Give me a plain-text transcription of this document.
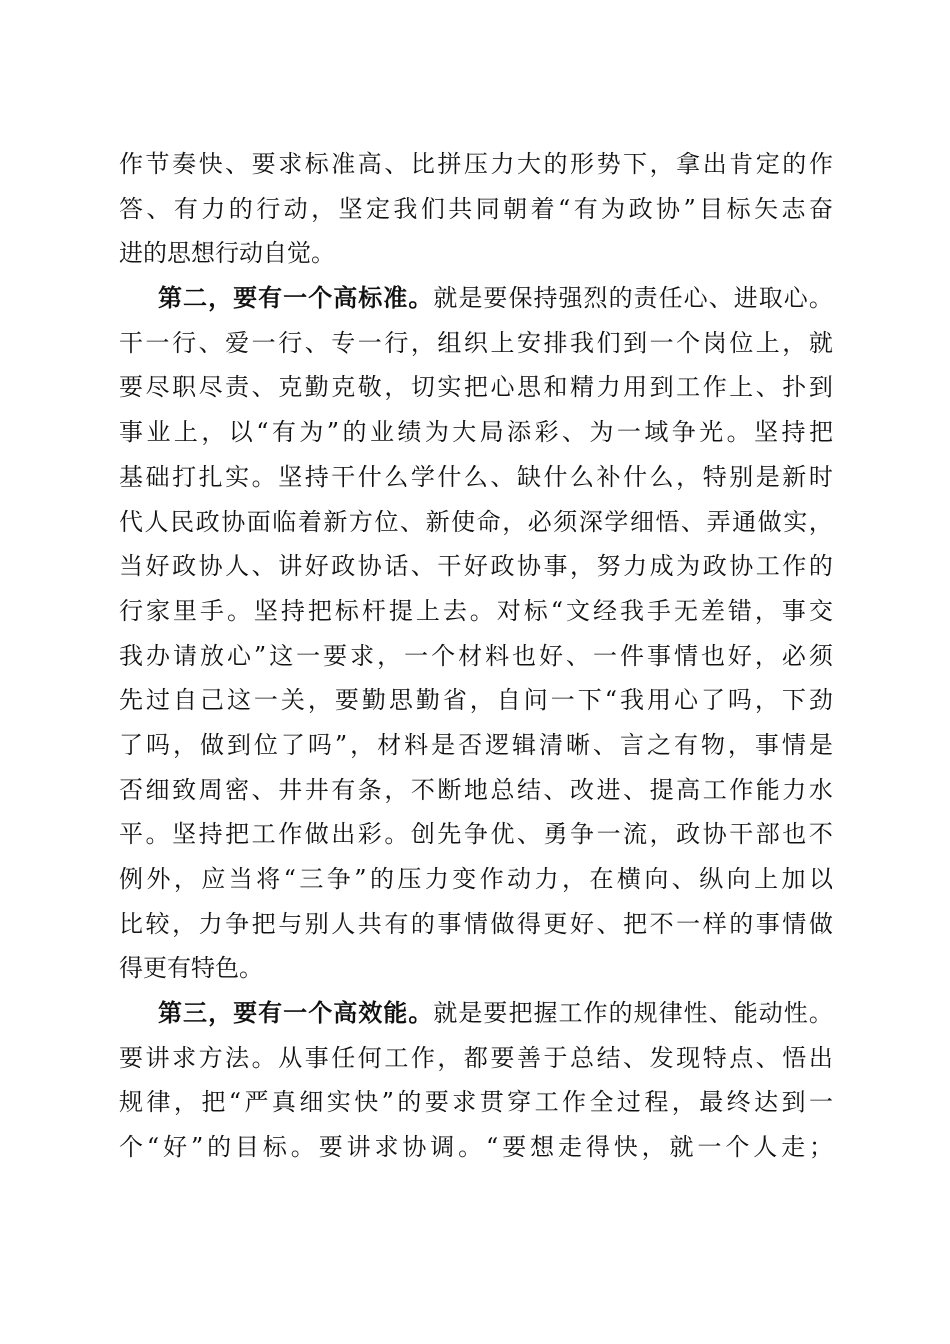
作 节 奏 快 、 要 求 标 准 高 、 比 拼 压 力 大 的 形 势 下 ， 拿 出 肯 定 的 作
答 、 有 力 的 行 动 ， 坚 定 我 们 共 同 朝 着 “ 有 为 政 协 ” 目 标 矢 志 奋
进 的 思 想 行 动 自 觉 。
第 二 ， 要 有 一 个 高 标 准 。 就 是 要 保 持 强 烈 的 责 任 心 、 进 取 心 。
干 一 行 、 爱 一 行 、 专 一 行 ， 组 织 上 安 排 我 们 到 一 个 岗 位 上 ， 就
要 尽 职 尽 责 、 克 勤 克 敬 ， 切 实 把 心 思 和 精 力 用 到 工 作 上 、 扑 到
事 业 上 ， 以 “ 有 为 ” 的 业 绩 为 大 局 添 彩 、 为 一 域 争 光 。 坚 持 把
基 础 打 扎 实 。 坚 持 干 什 么 学 什 么 、 缺 什 么 补 什 么 ， 特 别 是 新 时
代 人 民 政 协 面 临 着 新 方 位 、 新 使 命 ， 必 须 深 学 细 悟 、 弄 通 做 实 ，
当 好 政 协 人 、 讲 好 政 协 话 、 干 好 政 协 事 ， 努 力 成 为 政 协 工 作 的
行 家 里 手 。 坚 持 把 标 杆 提 上 去 。 对 标 “ 文 经 我 手 无 差 错 ， 事 交
我 办 请 放 心 ” 这 一 要 求 ， 一 个 材 料 也 好 、 一 件 事 情 也 好 ， 必 须
先 过 自 己 这 一 关 ， 要 勤 思 勤 省 ， 自 问 一 下 “ 我 用 心 了 吗 ， 下 劲
了 吗 ， 做 到 位 了 吗 ” ， 材 料 是 否 逻 辑 清 晰 、 言 之 有 物 ， 事 情 是
否 细 致 周 密 、 井 井 有 条 ， 不 断 地 总 结 、 改 进 、 提 高 工 作 能 力 水
平 。 坚 持 把 工 作 做 出 彩 。 创 先 争 优 、 勇 争 一 流 ， 政 协 干 部 也 不
例 外 ， 应 当 将 “ 三 争 ” 的 压 力 变 作 动 力 ， 在 横 向 、 纵 向 上 加 以
比 较 ， 力 争 把 与 别 人 共 有 的 事 情 做 得 更 好 、 把 不 一 样 的 事 情 做
得 更 有 特 色 。
第 三 ， 要 有 一 个 高 效 能 。 就 是 要 把 握 工 作 的 规 律 性 、 能 动 性 。
要 讲 求 方 法 。 从 事 任 何 工 作 ， 都 要 善 于 总 结 、 发 现 特 点 、 悟 出
规 律 ， 把 “ 严 真 细 实 快 ” 的 要 求 贯 穿 工 作 全 过 程 ， 最 终 达 到 一
个 “ 好 ” 的 目 标 。 要 讲 求 协 调 。 “ 要 想 走 得 快 ， 就 一 个 人 走 ；
